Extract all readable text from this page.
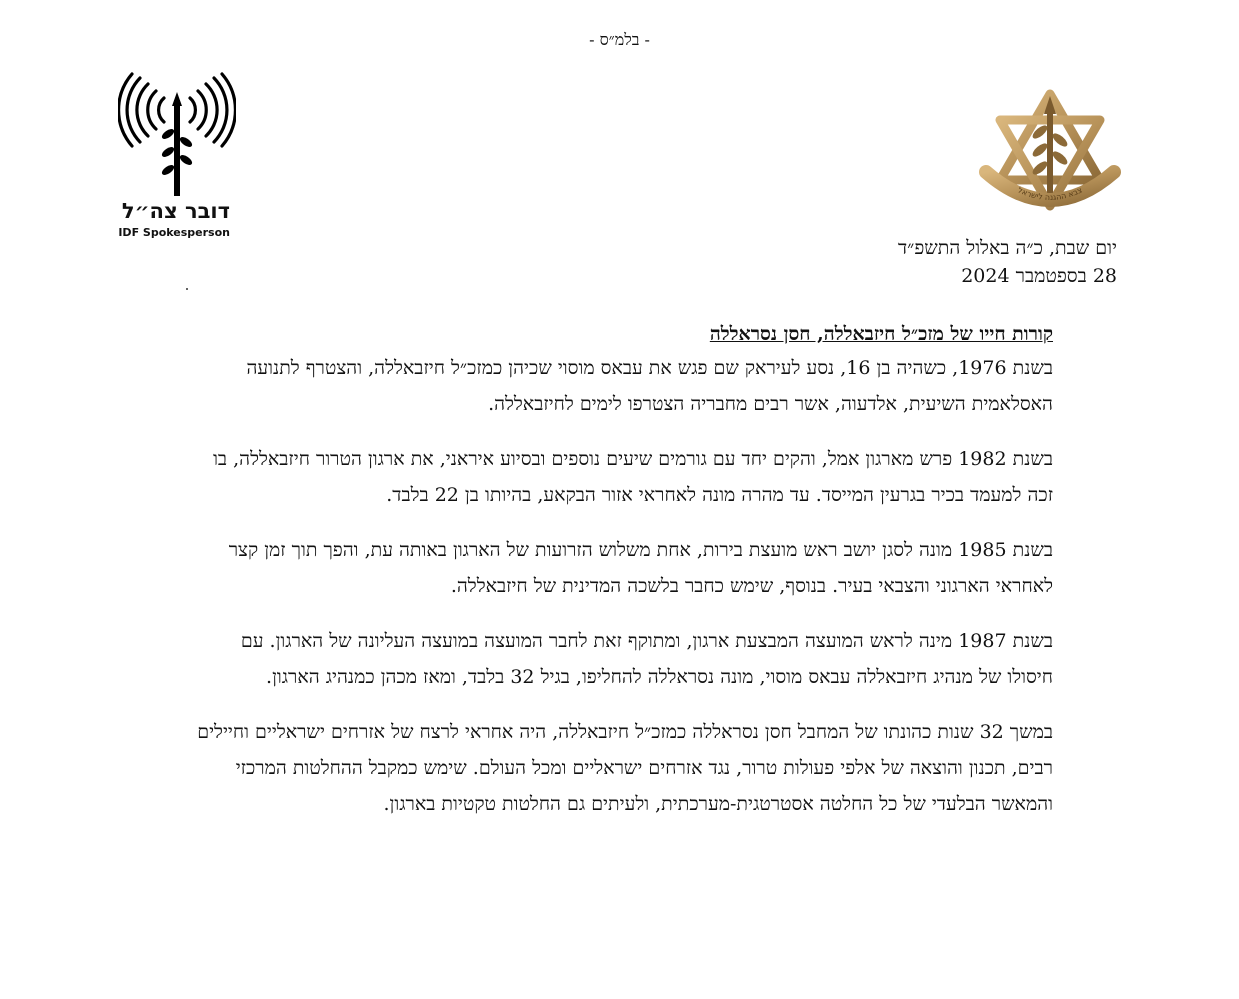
- בלמ״ס -
דובר צה״ל
IDF Spokesperson
צבא ההגנה לישראל
יום שבת, כ״ה באלול התשפ״ד
28 בספטמבר 2024
קורות חייו של מזכ״ל חיזבאללה, חסן נסראללה

בשנת 1976, כשהיה בן 16, נסע לעיראק שם פגש את עבאס מוסוי שכיהן כמזכ״ל חיזבאללה, והצטרף לתנועה האסלאמית השיעית, אלדעוה, אשר רבים מחבריה הצטרפו לימים לחיזבאללה.

בשנת 1982 פרש מארגון אמל, והקים יחד עם גורמים שיעים נוספים ובסיוע איראני, את ארגון הטרור חיזבאללה, בו זכה למעמד בכיר בגרעין המייסד. עד מהרה מונה לאחראי אזור הבקאע, בהיותו בן 22 בלבד.

בשנת 1985 מונה לסגן יושב ראש מועצת בירות, אחת משלוש הזרועות של הארגון באותה עת, והפך תוך זמן קצר לאחראי הארגוני והצבאי בעיר. בנוסף, שימש כחבר בלשכה המדינית של חיזבאללה.

בשנת 1987 מינה לראש המועצה המבצעת ארגון, ומתוקף זאת לחבר המועצה במועצה העליונה של הארגון. עם חיסולו של מנהיג חיזבאללה עבאס מוסוי, מונה נסראללה להחליפו, בגיל 32 בלבד, ומאז מכהן כמנהיג הארגון.

במשך 32 שנות כהונתו של המחבל חסן נסראללה כמזכ״ל חיזבאללה, היה אחראי לרצח של אזרחים ישראליים וחיילים רבים, תכנון והוצאה של אלפי פעולות טרור, נגד אזרחים ישראליים ומכל העולם. שימש כמקבל ההחלטות המרכזי והמאשר הבלעדי של כל החלטה אסטרטגית-מערכתית, ולעיתים גם החלטות טקטיות בארגון.
